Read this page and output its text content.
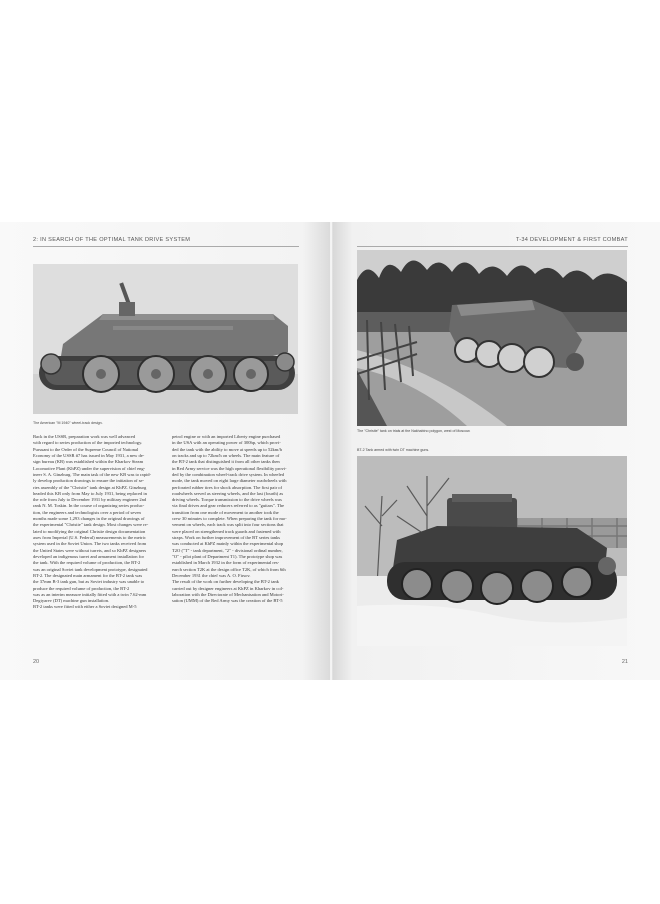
2: IN SEARCH OF THE OPTIMAL TANK DRIVE SYSTEM
The American "M 1940" wheel-track design.
Back in the USSR, preparation work was well advanced
with regard to series production of the imported technology.
Pursuant to the Order of the Supreme Council of National
Economy of the USSR #7 has issued in May 1931, a new de-
sign bureau (KB) was established within the Kharkov Steam
Locomotive Plant (KhPZ) under the supervision of chief eng-
ineer S. A. Ginzburg. The main task of the new KB was to rapid-
ly develop production drawings to ensure the initiation of se-
ries assembly of the "Christie" tank design at KhPZ. Ginzburg
headed this KB only from May to July 1931, being replaced in
the role from July to December 1931 by military engineer 2nd
rank N. M. Toskin. In the course of organizing series produc-
tion, the engineers and technologists over a period of seven
months made some 1,293 changes in the original drawings of
the experimental "Christie" tank design. Most changes were re-
lated to modifying the original Christie design documentation
axes from Imperial (U.S. Federal) measurements to the metric
system used in the Soviet Union. The two tanks received from
the United States were without turrets, and so KhPZ designers
developed an indigenous turret and armament installation for
the tank. With the required volume of production, the BT-2
was an original Soviet tank development prototype, designated
BT-2. The designated main armament for the BT-2 tank was
the 37mm B-3 tank gun, but as Soviet industry was unable to
produce the required volume of production, the BT-2
was as an interim measure initially fitted with a twin 7.62-mm
Degtyarev (DT) machine gun installation.
BT-2 tanks were fitted with either a Soviet designed M-5
petrol engine or with an imported Liberty engine purchased
in the USA with an operating power of 300hp, which provi-
ded the tank with the ability to move at speeds up to 52km/h
on tracks and up to 72km/h on wheels. The main feature of
the BT-2 tank that distinguished it from all other tanks then
in Red Army service was the high operational flexibility provi-
ded by the combination wheel-track drive system. In wheeled
mode, the tank moved on eight large diameter roadwheels with
perforated rubber tires for shock absorption. The first pair of
roadwheels served as steering wheels, and the last (fourth) as
driving wheels. Torque transmission to the drive wheels was
via final drives and gear reducers referred to as "guitars". The
transition from one mode of movement to another took the
crew 30 minutes to complete. When preparing the tank for mo-
vement on wheels, each track was split into four sections that
were placed on strengthened track guards and fastened with
straps. Work on further improvement of the BT series tanks
was conducted at KhPZ mainly within the experimental shop
T2O ("T" - tank department, "2" - divisional ordinal number,
"O" - pilot plant of Department T1). The prototype shop was
established in March 1932 in the form of experimental res-
earch section T2K at the design office T2K, of which from 6th
December 1931 the chief was A. O. Firsov.
The result of the work on further developing the BT-2 tank
carried out by designer engineers at KhPZ in Kharkov in col-
laboration with the Directorate of Mechanisation and Motori-
sation (UMM) of the Red Army was the creation of the BT-5
20
T-34 DEVELOPMENT & FIRST COMBAT
The "Christie" tank on trials at the Nakhabino polygon, west of Moscow.
BT-2 Tank armed with twin DT machine guns.
21
